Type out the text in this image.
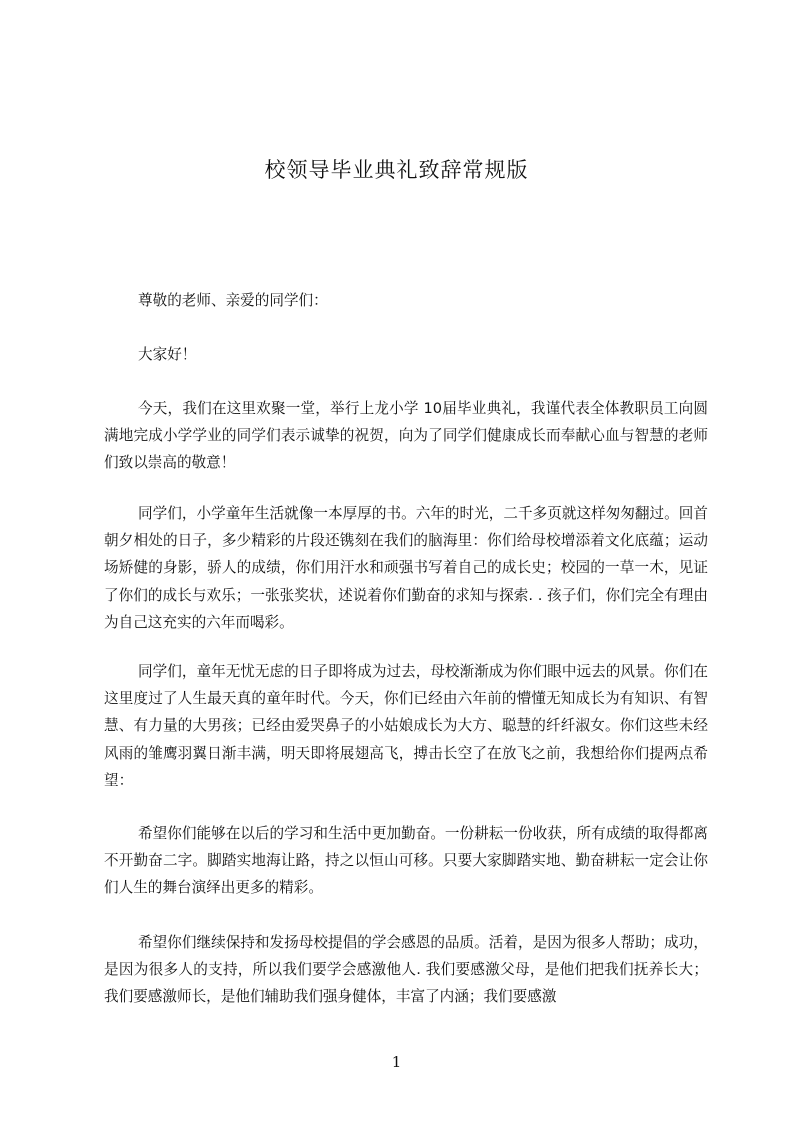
校领导毕业典礼致辞常规版

尊敬的老师、亲爱的同学们：

大家好！

今天，我们在这里欢聚一堂，举行上龙小学 10届毕业典礼，我谨代表全体教职员工向圆满地完成小学学业的同学们表示诚挚的祝贺，向为了同学们健康成长而奉献心血与智慧的老师们致以崇高的敬意！

同学们，小学童年生活就像一本厚厚的书。六年的时光，二千多页就这样匆匆翻过。回首朝夕相处的日子，多少精彩的片段还镌刻在我们的脑海里：你们给母校增添着文化底蕴；运动场矫健的身影，骄人的成绩，你们用汗水和顽强书写着自己的成长史；校园的一草一木，见证了你们的成长与欢乐；一张张奖状，述说着你们勤奋的求知与探索. . 孩子们，你们完全有理由为自己这充实的六年而喝彩。

同学们，童年无忧无虑的日子即将成为过去，母校渐渐成为你们眼中远去的风景。你们在这里度过了人生最天真的童年时代。今天，你们已经由六年前的懵懂无知成长为有知识、有智慧、有力量的大男孩；已经由爱哭鼻子的小姑娘成长为大方、聪慧的纤纤淑女。你们这些未经风雨的雏鹰羽翼日渐丰满，明天即将展翅高飞，搏击长空了在放飞之前，我想给你们提两点希望：

希望你们能够在以后的学习和生活中更加勤奋。一份耕耘一份收获，所有成绩的取得都离不开勤奋二字。脚踏实地海让路，持之以恒山可移。只要大家脚踏实地、勤奋耕耘一定会让你们人生的舞台演绎出更多的精彩。

希望你们继续保持和发扬母校提倡的学会感恩的品质。活着，是因为很多人帮助；成功，是因为很多人的支持，所以我们要学会感激他人. 我们要感激父母，是他们把我们抚养长大；我们要感激师长，是他们辅助我们强身健体，丰富了内涵；我们要感激

1
